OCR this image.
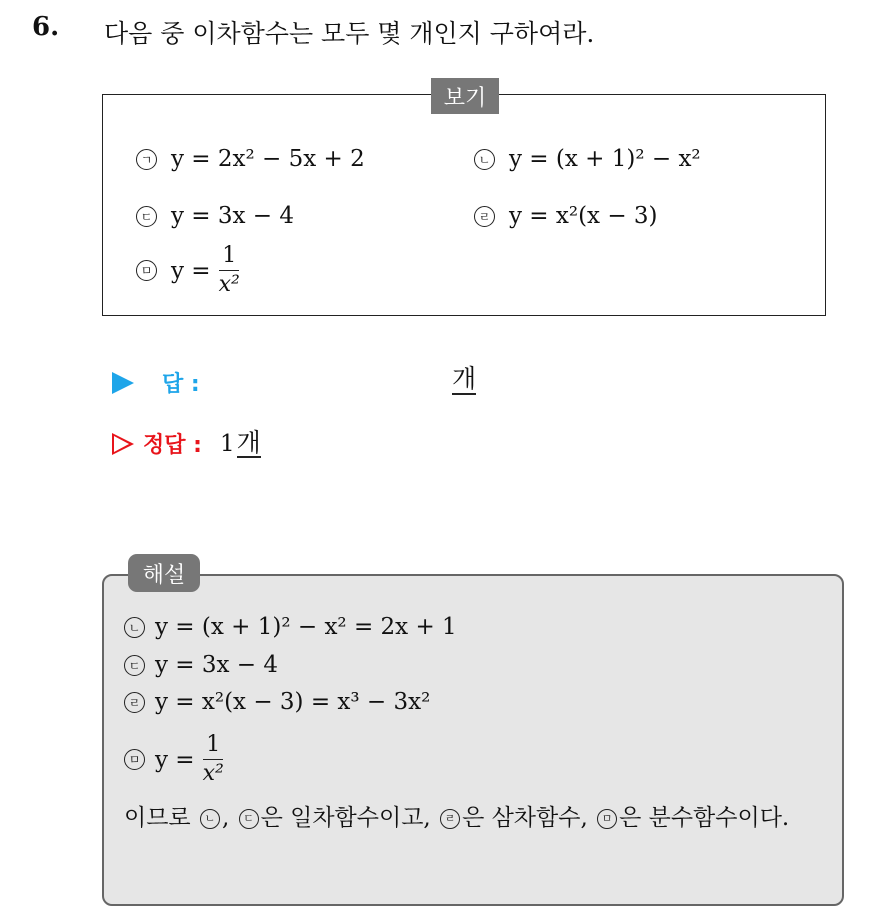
6. 다음 중 이차함수는 모두 몇 개인지 구하여라.
보기
ㄱ y = 2x² − 5x + 2	ㄴ y = (x + 1)² − x²
ㄷ y = 3x − 4	ㄹ y = x²(x − 3)
ㅁ $y = \frac{1}{\text{x²}}$
답 :	개
정답 : 1 개
해설
ㄴ y = (x + 1)² − x² = 2x + 1
ㄷ y = 3x − 4
ㄹ y = x²(x − 3) = x³ − 3x²
ㅁ $y = \frac{1}{\text{x²}}$
이므로 ㄴ , ㄷ 은 일차함수이고, ㄹ 은 삼차함수, ㅁ 은 분수함수이다.
